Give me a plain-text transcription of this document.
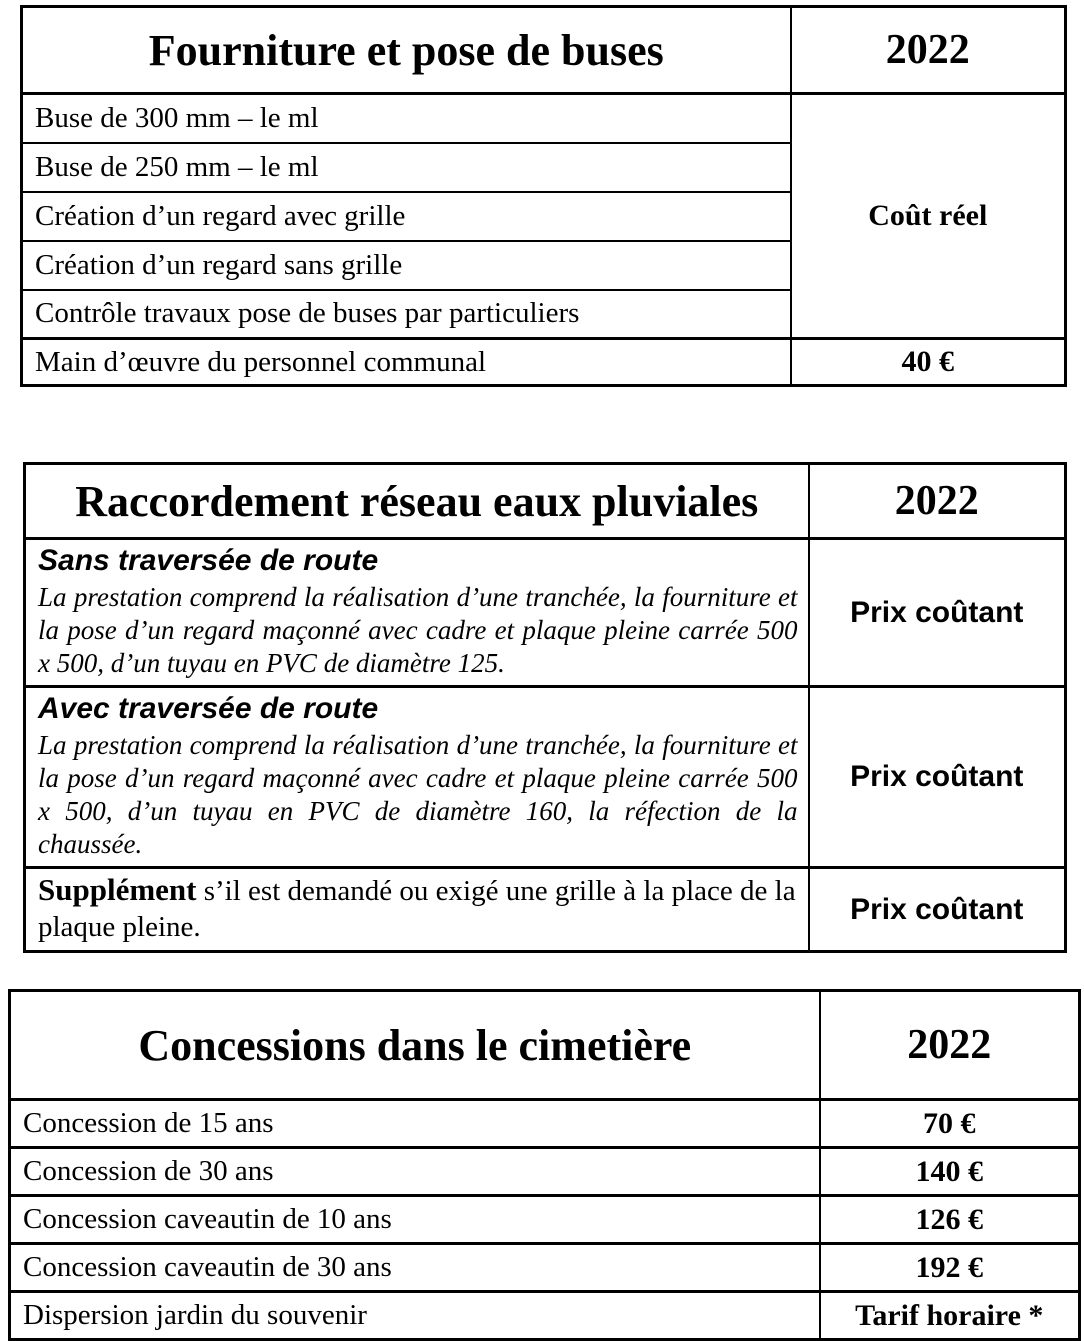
Fourniture et pose de buses	2022
Buse de 300 mm – le ml	Coût réel
Buse de 250 mm – le ml	
Création d’un regard avec grille	
Création d’un regard sans grille	
Contrôle travaux pose de buses par particuliers	
Main d’œuvre du personnel communal	40 €
Raccordement réseau eaux pluviales	2022

Sans traversée de route

La prestation comprend la réalisation d’une tranchée, la fourniture et la pose d’un regard maçonné avec cadre et plaque pleine carrée 500 x 500, d’un tuyau en PVC de diamètre 125.	Prix coûtant

Avec traversée de route

La prestation comprend la réalisation d’une tranchée, la fourniture et la pose d’un regard maçonné avec cadre et plaque pleine carrée 500 x 500, d’un tuyau en PVC de diamètre 160, la réfection de la chaussée.	Prix coûtant

Supplément s’il est demandé ou exigé une grille à la place de la plaque pleine.	Prix coûtant
Concessions dans le cimetière	2022
Concession de 15 ans	70 €
Concession de 30 ans	140 €
Concession caveautin de 10 ans	126 €
Concession caveautin de 30 ans	192 €
Dispersion jardin du souvenir	Tarif horaire *
